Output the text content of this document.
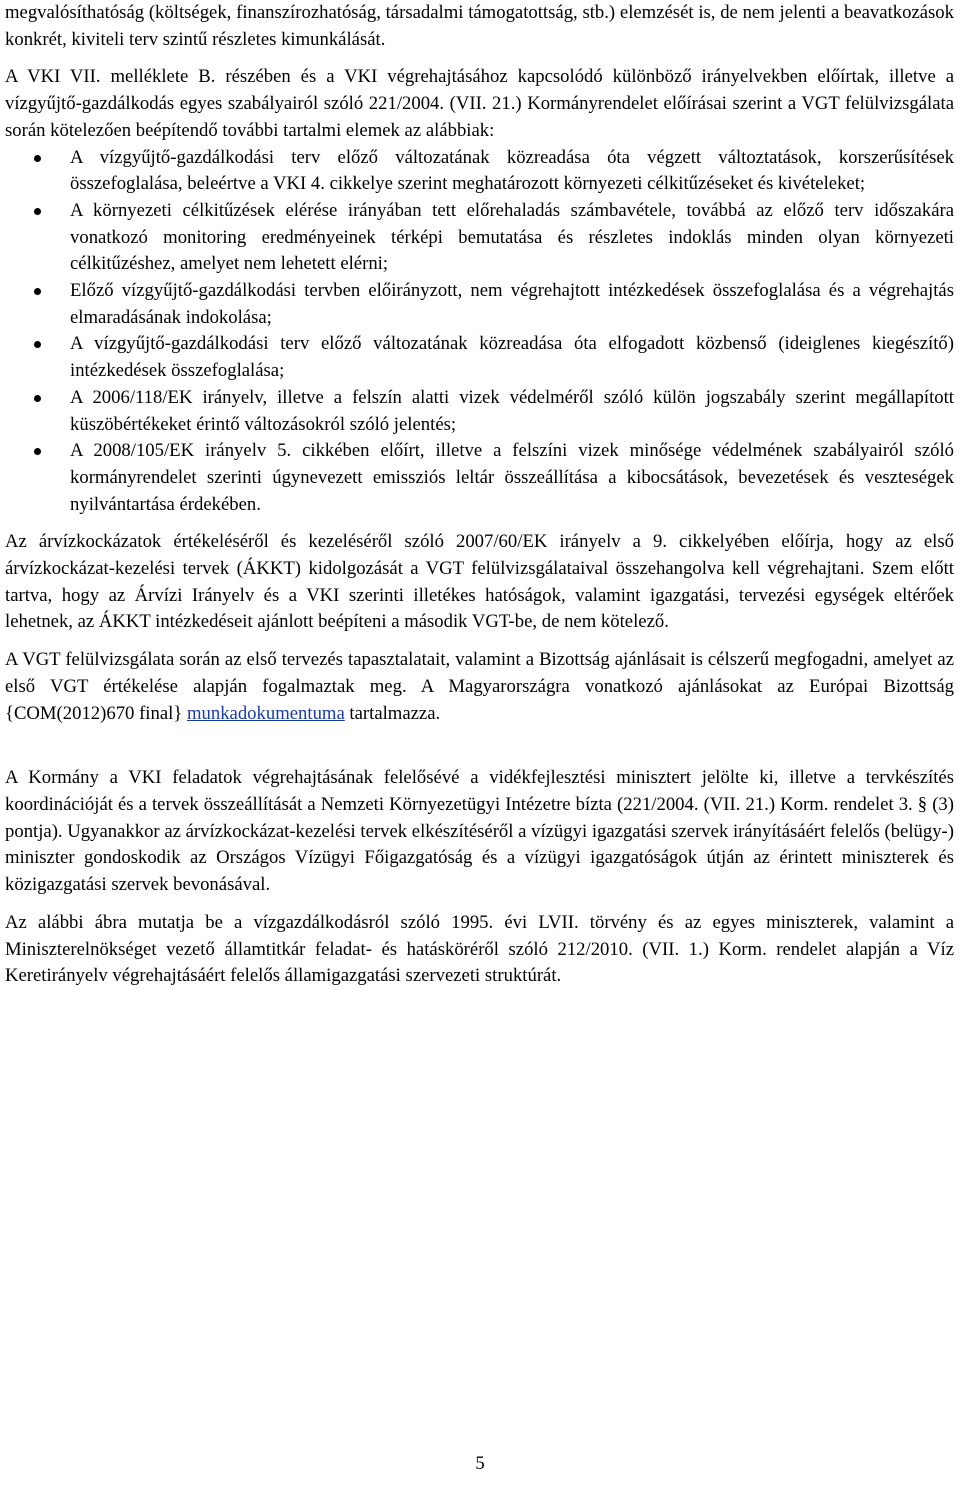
megvalósíthatóság (költségek, finanszírozhatóság, társadalmi támogatottság, stb.) elemzését is, de nem jelenti a beavatkozások konkrét, kiviteli terv szintű részletes kimunkálását.

A VKI VII. melléklete B. részében és a VKI végrehajtásához kapcsolódó különböző irányelvekben előírtak, illetve a vízgyűjtő-gazdálkodás egyes szabályairól szóló 221/2004. (VII. 21.) Kormányrendelet előírásai szerint a VGT felülvizsgálata során kötelezően beépítendő további tartalmi elemek az alábbiak:

A vízgyűjtő-gazdálkodási terv előző változatának közreadása óta végzett változtatások, korszerűsítések összefoglalása, beleértve a VKI 4. cikkelye szerint meghatározott környezeti célkitűzéseket és kivételeket;
A környezeti célkitűzések elérése irányában tett előrehaladás számbavétele, továbbá az előző terv időszakára vonatkozó monitoring eredményeinek térképi bemutatása és részletes indoklás minden olyan környezeti célkitűzéshez, amelyet nem lehetett elérni;
Előző vízgyűjtő-gazdálkodási tervben előirányzott, nem végrehajtott intézkedések összefoglalása és a végrehajtás elmaradásának indokolása;
A vízgyűjtő-gazdálkodási terv előző változatának közreadása óta elfogadott közbenső (ideiglenes kiegészítő) intézkedések összefoglalása;
A 2006/118/EK irányelv, illetve a felszín alatti vizek védelméről szóló külön jogszabály szerint megállapított küszöbértékeket érintő változásokról szóló jelentés;
A 2008/105/EK irányelv 5. cikkében előírt, illetve a felszíni vizek minősége védelmének szabályairól szóló kormányrendelet szerinti úgynevezett emissziós leltár összeállítása a kibocsátások, bevezetések és veszteségek nyilvántartása érdekében.

Az árvízkockázatok értékeléséről és kezeléséről szóló 2007/60/EK irányelv a 9. cikkelyében előírja, hogy az első árvízkockázat-kezelési tervek (ÁKKT) kidolgozását a VGT felülvizsgálataival összehangolva kell végrehajtani. Szem előtt tartva, hogy az Árvízi Irányelv és a VKI szerinti illetékes hatóságok, valamint igazgatási, tervezési egységek eltérőek lehetnek, az ÁKKT intézkedéseit ajánlott beépíteni a második VGT-be, de nem kötelező.

A VGT felülvizsgálata során az első tervezés tapasztalatait, valamint a Bizottság ajánlásait is célszerű megfogadni, amelyet az első VGT értékelése alapján fogalmaztak meg. A Magyarországra vonatkozó ajánlásokat az Európai Bizottság {COM(2012)670 final} munkadokumentuma tartalmazza.

A Kormány a VKI feladatok végrehajtásának felelősévé a vidékfejlesztési minisztert jelölte ki, illetve a tervkészítés koordinációját és a tervek összeállítását a Nemzeti Környezetügyi Intézetre bízta (221/2004. (VII. 21.) Korm. rendelet 3. § (3) pontja). Ugyanakkor az árvízkockázat-kezelési tervek elkészítéséről a vízügyi igazgatási szervek irányításáért felelős (belügy-) miniszter gondoskodik az Országos Vízügyi Főigazgatóság és a vízügyi igazgatóságok útján az érintett miniszterek és közigazgatási szervek bevonásával.

Az alábbi ábra mutatja be a vízgazdálkodásról szóló 1995. évi LVII. törvény és az egyes miniszterek, valamint a Miniszterelnökséget vezető államtitkár feladat- és hatásköréről szóló 212/2010. (VII. 1.) Korm. rendelet alapján a Víz Keretirányelv végrehajtásáért felelős államigazgatási szervezeti struktúrát.

5
